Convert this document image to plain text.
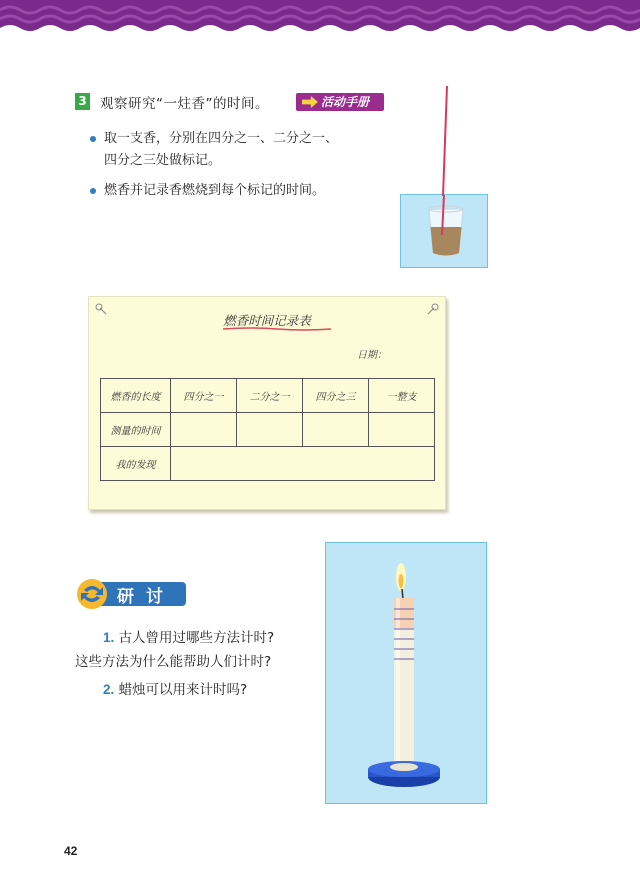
3 观察研究“一炷香”的时间。	活动手册
取一支香，分别在四分之一、二分之一、
四分之三处做标记。
燃香并记录香燃烧到每个标记的时间。
燃香时间记录表
日期：
燃香的长度	四分之一	二分之一	四分之三	一整支
测量的时间				
我的发现				
研讨
1. 古人曾用过哪些方法计时?
这些方法为什么能帮助人们计时?
2. 蜡烛可以用来计时吗?
42
